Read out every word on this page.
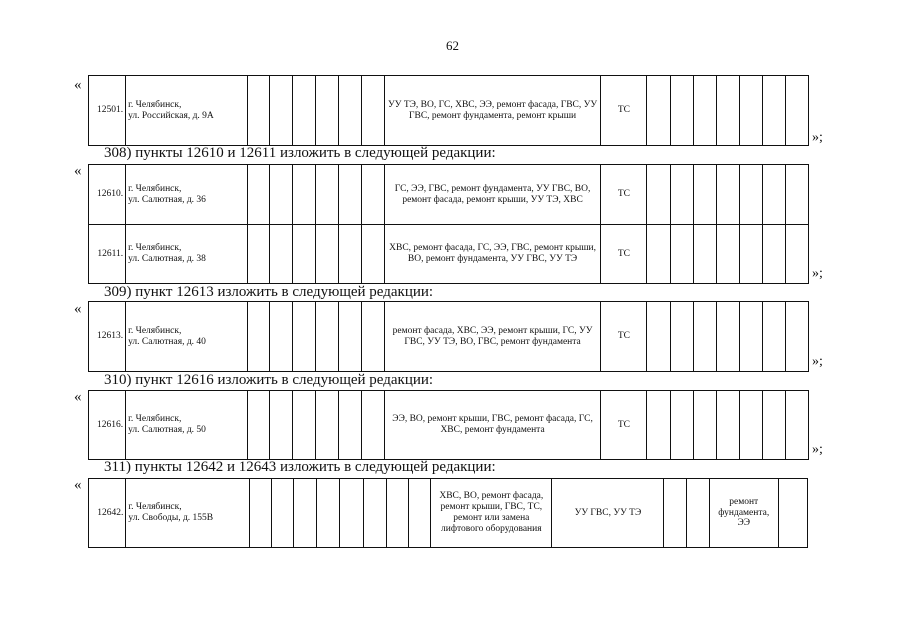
62
«
12501.	г. Челябинск,
ул. Российская, д. 9А							УУ ТЭ, ВО, ГС, ХВС, ЭЭ, ремонт фасада, ГВС, УУ ГВС, ремонт фундамента, ремонт крыши	ТС							
»;
308) пункты 12610 и 12611 изложить в следующей редакции:
«
12610.	г. Челябинск,
ул. Салютная, д. 36							ГС, ЭЭ, ГВС, ремонт фундамента, УУ ГВС, ВО, ремонт фасада, ремонт крыши, УУ ТЭ, ХВС	ТС							
12611.	г. Челябинск,
ул. Салютная, д. 38							ХВС, ремонт фасада, ГС, ЭЭ, ГВС, ремонт крыши, ВО, ремонт фундамента, УУ ГВС, УУ ТЭ	ТС							
»;
309) пункт 12613 изложить в следующей редакции:
«
12613.	г. Челябинск,
ул. Салютная, д. 40							ремонт фасада, ХВС, ЭЭ, ремонт крыши, ГС, УУ ГВС, УУ ТЭ, ВО, ГВС, ремонт фундамента	ТС							
»;
310) пункт 12616 изложить в следующей редакции:
«
12616.	г. Челябинск,
ул. Салютная, д. 50							ЭЭ, ВО, ремонт крыши, ГВС, ремонт фасада, ГС, ХВС, ремонт фундамента	ТС							
»;
311) пункты 12642 и 12643 изложить в следующей редакции:
«
12642.	г. Челябинск,
ул. Свободы, д. 155В									ХВС, ВО, ремонт фасада, ремонт крыши, ГВС, ТС, ремонт или замена лифтового оборудования	УУ ГВС, УУ ТЭ			ремонт фундамента, ЭЭ	
